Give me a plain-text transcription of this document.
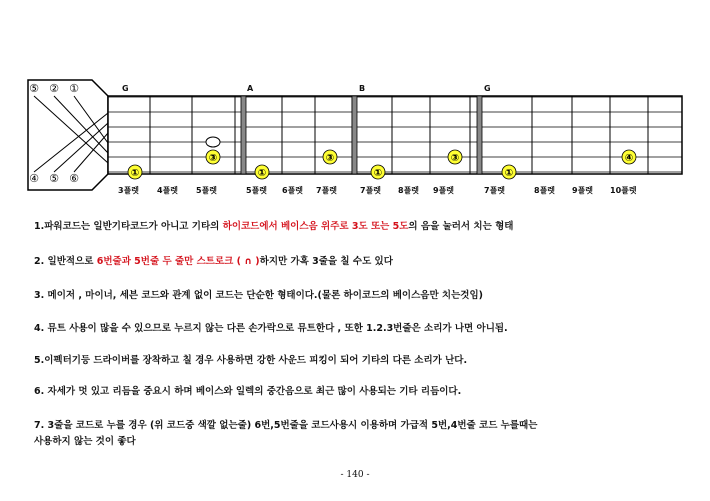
⑤ ② ①
④ ⑤ ⑥	①
③
①
③
①
③
①
④
G	A	B	G
3플렛 4플렛 5플렛	5플렛 6플렛 7플렛	7플렛 8플렛 9플렛	7플렛	8플렛 9플렛 10플렛
1.파워코드는 일반기타코드가 아니고 기타의 하이코드에서 베이스음 위주로 3도 또는 5도의 음을 눌러서 치는 형태
2. 일반적으로 6번줄과 5번줄 두 줄만 스트로크 ( ∩ )하지만 가혹 3줄을 칠 수도 있다
3. 메이저 , 마이너, 세븐 코드와 관계 없이 코드는 단순한 형태이다.(물론 하이코드의 베이스음만 치는것임)
4. 뮤트 사용이 많을 수 있으므로 누르지 않는 다른 손가락으로 뮤트한다 , 또한 1.2.3번줄은 소리가 나면 아니됨.
5.이펙터기등 드라이버를 장착하고 칠 경우 사용하면 강한 사운드 피킹이 되어 기타의 다른 소리가 난다.
6. 자세가 멋 있고 리듬을 중요시 하며 베이스와 일렉의 중간음으로 최근 많이 사용되는 기타 리듬이다.
7. 3줄을 코드로 누를 경우 (위 코드중 색깔 없는줄) 6번,5번줄을 코드사용시 이용하며 가급적 5번,4번줄 코드 누를때는
사용하지 않는 것이 좋다
- 140 -
